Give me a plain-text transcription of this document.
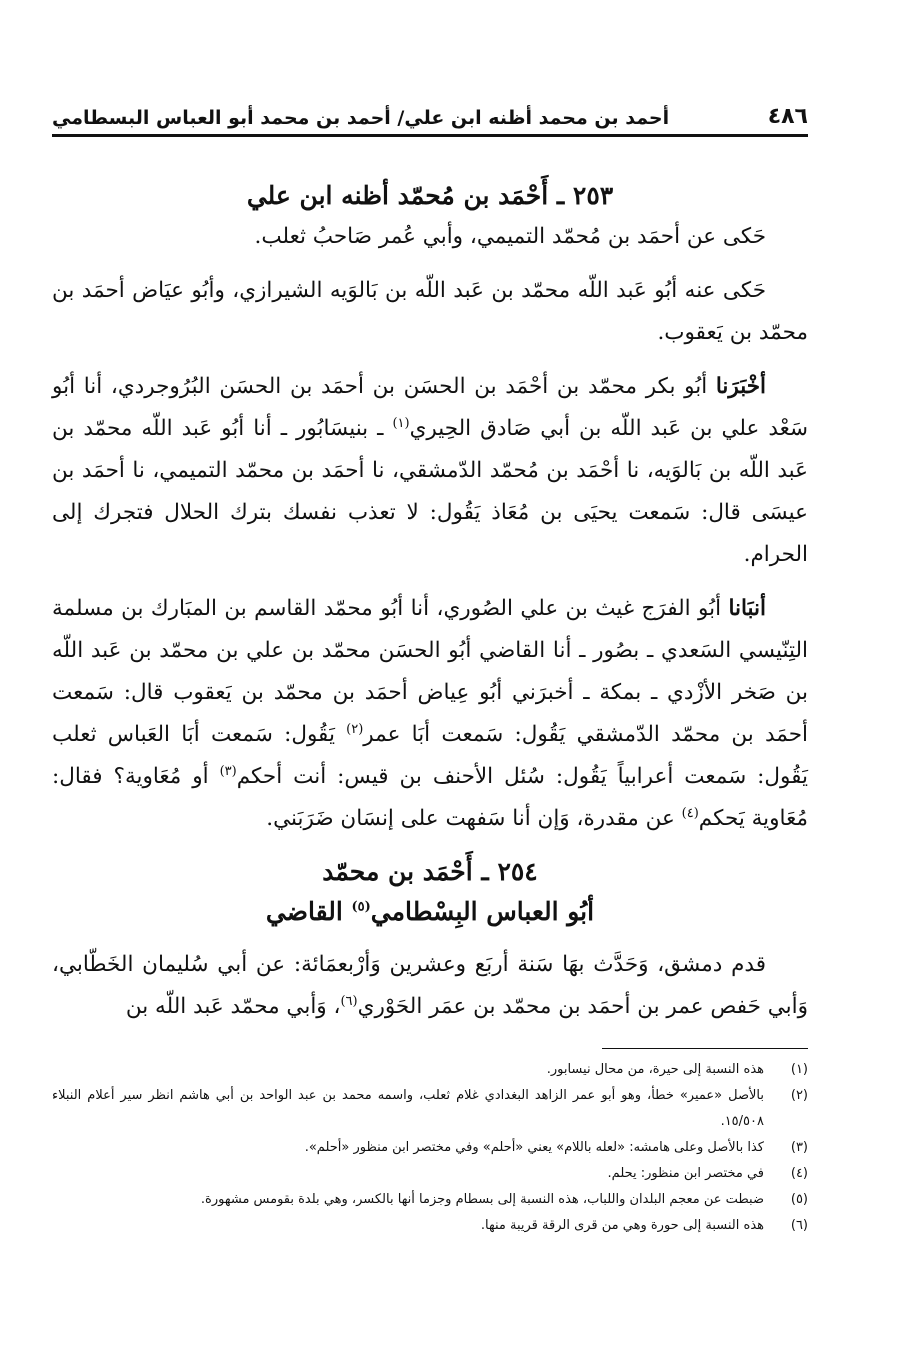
٤٨٦
أحمد بن محمد أظنه ابن علي/ أحمد بن محمد أبو العباس البسطامي
٢٥٣ ـ أَحْمَد بن مُحمّد أظنه ابن علي

حَكى عن أحمَد بن مُحمّد التميمي، وأبي عُمر صَاحبُ ثعلب.

حَكى عنه أبُو عَبد اللّه محمّد بن عَبد اللّه بن بَالوَيه الشيرازي، وأبُو عيَاض أحمَد بن محمّد بن يَعقوب.

أخْبَرَنا أبُو بكر محمّد بن أحْمَد بن الحسَن بن أحمَد بن الحسَن البُرُوجردي، أنا أبُو سَعْد علي بن عَبد اللّه بن أبي صَادق الحِيري$^{(١)}$ ـ بنيسَابُور ـ أنا أبُو عَبد اللّه محمّد بن عَبد اللّه بن بَالوَيه، نا أحْمَد بن مُحمّد الدّمشقي، نا أحمَد بن محمّد التميمي، نا أحمَد بن عيسَى قال: سَمعت يحيَى بن مُعَاذ يَقُول: لا تعذب نفسك بترك الحلال فتجرك إلى الحرام.

أنبَانا أبُو الفرَج غيث بن علي الصُوري، أنا أبُو محمّد القاسم بن المبَارك بن مسلمة التِنّيسي السَعدي ـ بصُور ـ أنا القاضي أبُو الحسَن محمّد بن علي بن محمّد بن عَبد اللّه بن صَخر الأزْدي ـ بمكة ـ أخبرَني أبُو عِياض أحمَد بن محمّد بن يَعقوب قال: سَمعت أحمَد بن محمّد الدّمشقي يَقُول: سَمعت أبَا عمر$^{(٢)}$ يَقُول: سَمعت أبَا العَباس ثعلب يَقُول: سَمعت أعرابياً يَقُول: سُئل الأحنف بن قيس: أنت أحكم$^{(٣)}$ أو مُعَاوية؟ فقال: مُعَاوية يَحكم$^{(٤)}$ عن مقدرة، وَإن أنا سَفهت على إنسَان ضَرَبَني.

٢٥٤ ـ أَحْمَد بن محمّد
أبُو العباس البِسْطامي$^{(٥)}$ القاضي

قدم دمشق، وَحَدَّث بهَا سَنة أربَع وعشرين وَأرْبعمَائة: عن أبي سُليمان الخَطّابي، وَأبي حَفص عمر بن أحمَد بن محمّد بن عمَر الحَوْري$^{(٦)}$، وَأبي محمّد عَبد اللّه بن

(١)
هذه النسبة إلى حيرة، من محال نيسابور.
(٢)
بالأصل «عمير» خطأ، وهو أبو عمر الزاهد البغدادي غلام ثعلب، واسمه محمد بن عبد الواحد بن أبي هاشم انظر سير أعلام النبلاء ١٥/٥٠٨.
(٣)
كذا بالأصل وعلى هامشه: «لعله باللام» يعني «أحلم» وفي مختصر ابن منظور «أحلم».
(٤)
في مختصر ابن منظور: يحلم.
(٥)
ضبطت عن معجم البلدان واللباب، هذه النسبة إلى بسطام وجزما أنها بالكسر، وهي بلدة بقومس مشهورة.
(٦)
هذه النسبة إلى حورة وهي من قرى الرقة قريبة منها.
